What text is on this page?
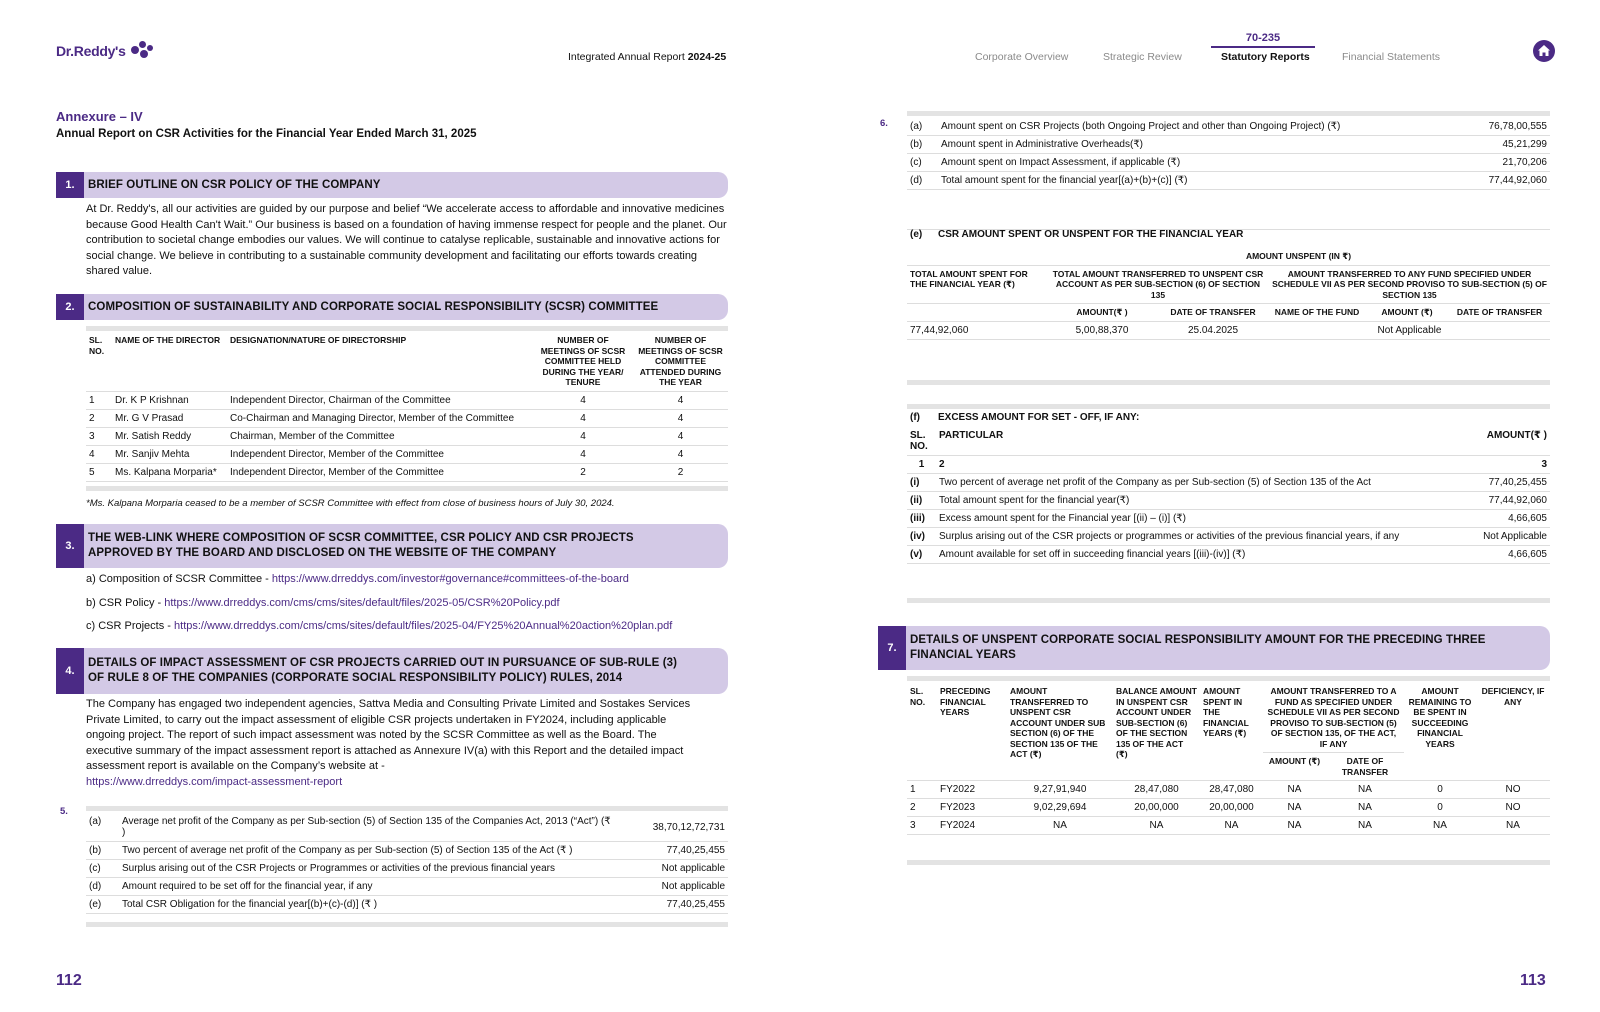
Dr.Reddy's	Integrated Annual Report 2024-25	Corporate Overview	Strategic Review
70-235
Statutory Reports	Financial Statements
Annexure – IV
Annual Report on CSR Activities for the Financial Year Ended March 31, 2025
1.	BRIEF OUTLINE ON CSR POLICY OF THE COMPANY
At Dr. Reddy's, all our activities are guided by our purpose and belief “We accelerate access to affordable and innovative medicines because Good Health Can't Wait.” Our business is based on a foundation of having immense respect for people and the planet. Our contribution to societal change embodies our values. We will continue to catalyse replicable, sustainable and innovative actions for social change. We believe in contributing to a sustainable community development and facilitating our efforts towards creating shared value.
2.	COMPOSITION OF SUSTAINABILITY AND CORPORATE SOCIAL RESPONSIBILITY (SCSR) COMMITTEE
SL. NO.	NAME OF THE DIRECTOR	DESIGNATION/NATURE OF DIRECTORSHIP	NUMBER OF MEETINGS OF SCSR COMMITTEE HELD DURING THE YEAR/ TENURE	NUMBER OF MEETINGS OF SCSR COMMITTEE ATTENDED DURING THE YEAR
1	Dr. K P Krishnan	Independent Director, Chairman of the Committee	4	4
2	Mr. G V Prasad	Co-Chairman and Managing Director, Member of the Committee	4	4
3	Mr. Satish Reddy	Chairman, Member of the Committee	4	4
4	Mr. Sanjiv Mehta	Independent Director, Member of the Committee	4	4
5	Ms. Kalpana Morparia*	Independent Director, Member of the Committee	2	2
*Ms. Kalpana Morparia ceased to be a member of SCSR Committee with effect from close of business hours of July 30, 2024.
3.
THE WEB-LINK WHERE COMPOSITION OF SCSR COMMITTEE, CSR POLICY AND CSR PROJECTS
APPROVED BY THE BOARD AND DISCLOSED ON THE WEBSITE OF THE COMPANY
a) Composition of SCSR Committee - https://www.drreddys.com/investor#governance#committees-of-the-board
b) CSR Policy - https://www.drreddys.com/cms/cms/sites/default/files/2025-05/CSR%20Policy.pdf
c) CSR Projects - https://www.drreddys.com/cms/cms/sites/default/files/2025-04/FY25%20Annual%20action%20plan.pdf
4.
DETAILS OF IMPACT ASSESSMENT OF CSR PROJECTS CARRIED OUT IN PURSUANCE OF SUB-RULE (3)
OF RULE 8 OF THE COMPANIES (CORPORATE SOCIAL RESPONSIBILITY POLICY) RULES, 2014
The Company has engaged two independent agencies, Sattva Media and Consulting Private Limited and Sostakes Services Private Limited, to carry out the impact assessment of eligible CSR projects undertaken in FY2024, including applicable ongoing project. The report of such impact assessment was noted by the SCSR Committee as well as the Board. The executive summary of the impact assessment report is attached as Annexure IV(a) with this Report and the detailed impact assessment report is available on the Company’s website at -
https://www.drreddys.com/impact-assessment-report
5.
(a)	Average net profit of the Company as per Sub-section (5) of Section 135 of the Companies Act, 2013 (“Act”) (₹ )	38,70,12,72,731
(b)	Two percent of average net profit of the Company as per Sub-section (5) of Section 135 of the Act (₹ )	77,40,25,455
(c)	Surplus arising out of the CSR Projects or Programmes or activities of the previous financial years	Not applicable
(d)	Amount required to be set off for the financial year, if any	Not applicable
(e)	Total CSR Obligation for the financial year[(b)+(c)-(d)] (₹ )	77,40,25,455
112
6. (a)	Amount spent on CSR Projects (both Ongoing Project and other than Ongoing Project) (₹)	76,78,00,555
(b)	Amount spent in Administrative Overheads(₹)	45,21,299
(c)	Amount spent on Impact Assessment, if applicable (₹)	21,70,206
(d)	Total amount spent for the financial year[(a)+(b)+(c)] (₹)	77,44,92,060
(e) CSR AMOUNT SPENT OR UNSPENT FOR THE FINANCIAL YEAR
	AMOUNT UNSPENT (IN ₹)				
TOTAL AMOUNT SPENT FOR THE FINANCIAL YEAR (₹)	TOTAL AMOUNT TRANSFERRED TO UNSPENT CSR ACCOUNT AS PER SUB-SECTION (6) OF SECTION 135		AMOUNT TRANSFERRED TO ANY FUND SPECIFIED UNDER SCHEDULE VII AS PER SECOND PROVISO TO SUB-SECTION (5) OF SECTION 135		
	AMOUNT(₹ )	DATE OF TRANSFER	NAME OF THE FUND	AMOUNT (₹)	DATE OF TRANSFER
77,44,92,060	5,00,88,370	25.04.2025	Not Applicable		
(f) EXCESS AMOUNT FOR SET - OFF, IF ANY:
SL. NO.	PARTICULAR	AMOUNT(₹ )
1	2	3
(i)	Two percent of average net profit of the Company as per Sub-section (5) of Section 135 of the Act	77,40,25,455
(ii)	Total amount spent for the financial year(₹)	77,44,92,060
(iii)	Excess amount spent for the Financial year [(ii) – (i)] (₹)	4,66,605
(iv)	Surplus arising out of the CSR projects or programmes or activities of the previous financial years, if any	Not Applicable
(v)	Amount available for set off in succeeding financial years [(iii)-(iv)] (₹)	4,66,605
7.
DETAILS OF UNSPENT CORPORATE SOCIAL RESPONSIBILITY AMOUNT FOR THE PRECEDING THREE
FINANCIAL YEARS
SL. NO.	PRECEDING FINANCIAL YEARS	AMOUNT TRANSFERRED TO UNSPENT CSR ACCOUNT UNDER SUB SECTION (6) OF THE SECTION 135 OF THE ACT (₹)	BALANCE AMOUNT IN UNSPENT CSR ACCOUNT UNDER SUB-SECTION (6) OF THE SECTION 135 OF THE ACT (₹)	AMOUNT SPENT IN THE FINANCIAL YEARS (₹)	AMOUNT TRANSFERRED TO A FUND AS SPECIFIED UNDER SCHEDULE VII AS PER SECOND PROVISO TO SUB-SECTION (5) OF SECTION 135, OF THE ACT, IF ANY		AMOUNT REMAINING TO BE SPENT IN SUCCEEDING FINANCIAL YEARS	DEFICIENCY, IF ANY
					AMOUNT (₹)	DATE OF TRANSFER		
1	FY2022	9,27,91,940	28,47,080	28,47,080	NA	NA	0	NO
2	FY2023	9,02,29,694	20,00,000	20,00,000	NA	NA	0	NO
3	FY2024	NA	NA	NA	NA	NA	NA	NA
113
